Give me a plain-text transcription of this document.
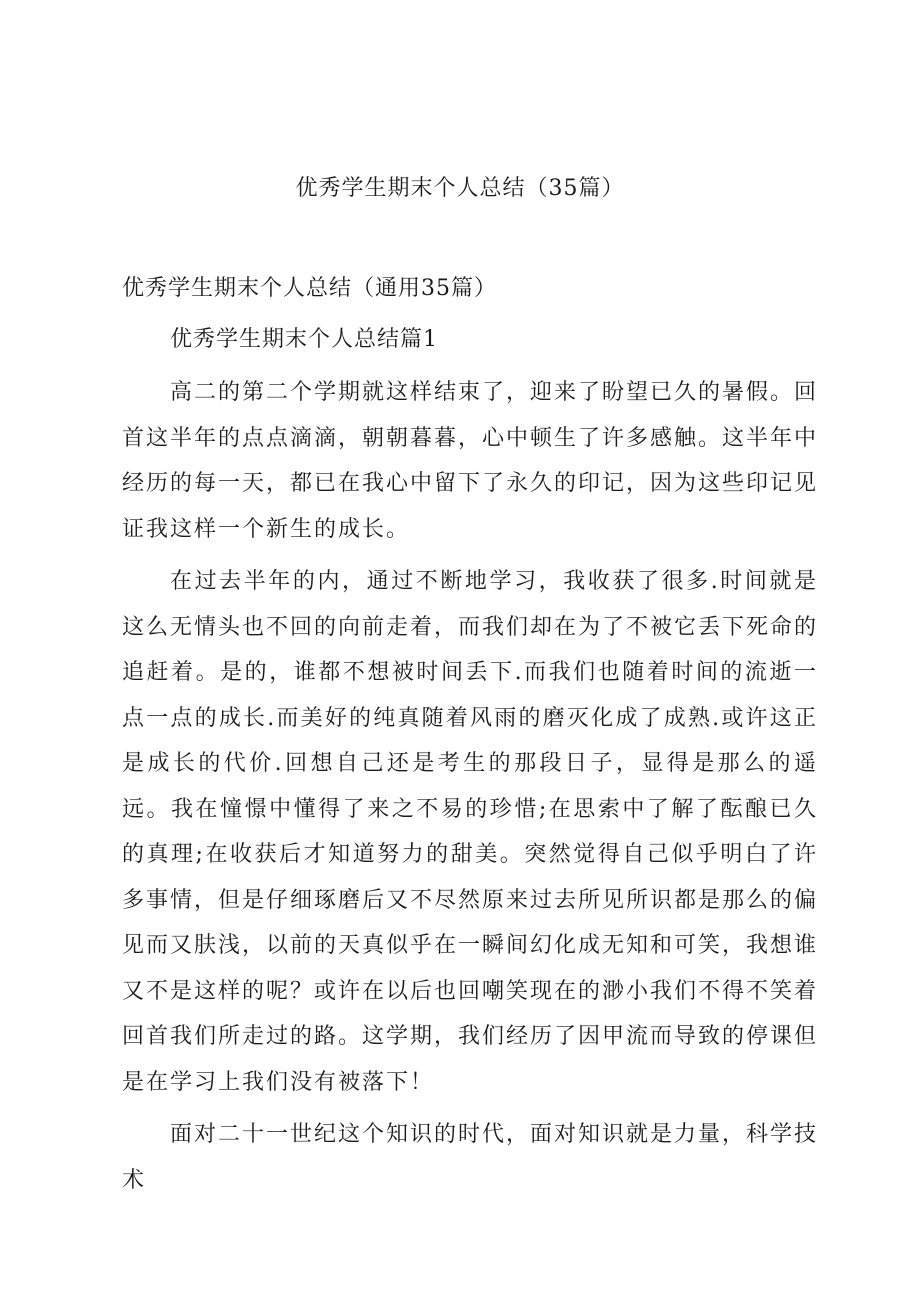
优秀学生期末个人总结（35篇）
优秀学生期末个人总结（通用35篇）
优秀学生期末个人总结篇1

高二的第二个学期就这样结束了，迎来了盼望已久的暑假。回首这半年的点点滴滴，朝朝暮暮，心中顿生了许多感触。这半年中经历的每一天，都已在我心中留下了永久的印记，因为这些印记见证我这样一个新生的成长。

在过去半年的内，通过不断地学习，我收获了很多.时间就是这么无情头也不回的向前走着，而我们却在为了不被它丢下死命的追赶着。是的，谁都不想被时间丢下.而我们也随着时间的流逝一点一点的成长.而美好的纯真随着风雨的磨灭化成了成熟.或许这正是成长的代价.回想自己还是考生的那段日子，显得是那么的遥远。我在憧憬中懂得了来之不易的珍惜;在思索中了解了酝酿已久的真理;在收获后才知道努力的甜美。突然觉得自己似乎明白了许多事情，但是仔细琢磨后又不尽然原来过去所见所识都是那么的偏见而又肤浅，以前的天真似乎在一瞬间幻化成无知和可笑，我想谁又不是这样的呢？或许在以后也回嘲笑现在的渺小我们不得不笑着回首我们所走过的路。这学期，我们经历了因甲流而导致的停课但是在学习上我们没有被落下！

面对二十一世纪这个知识的时代，面对知识就是力量，科学技术
